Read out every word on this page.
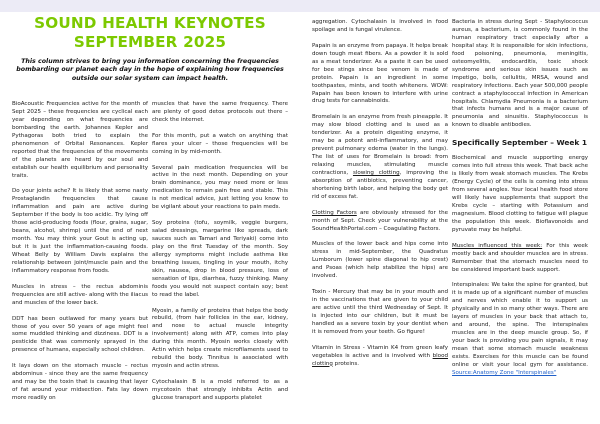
SOUND HEALTH KEYNOTES
SEPTEMBER 2025
This column strives to bring you information concerning the frequencies bombarding our planet each day in the hope of explaining how frequencies outside our solar system can impact health.

BioAcoustic Frequencies active for the month of Sept 2025 – these frequencies are cyclical each year depending on what frequencies are bombarding the earth. Johannes Kepler and Pythagoras both tried to explain the phenomenon of Orbital Resonances. Kepler reported that the frequencies of the movements of the planets are heard by our soul and establish our health equilibrium and personality traits.

Do your joints ache? It is likely that some nasty Prostaglandin frequencies that cause inflammation and pain are active during September if the body is too acidic. Try lying off those acid-producing foods (flour, grains, sugar, beans, alcohol, shrimp) until the end of next month. You may think your Gout is acting up, but it is just the inflammation-causing foods. Wheat Belly by William Davis explains the relationship between joint/muscle pain and the inflammatory response from foods.

Muscles in stress – the rectus abdominis frequencies are still active- along with the iliacus and muscles of the lower back.

DDT has been outlawed for many years but those of you over 50 years of age might feel some muddled thinking and dizziness. DDT is a pesticide that was commonly sprayed in the presence of humans, especially school children.

It lays down on the stomach muscle – rectus abdominus - since they are the same frequency and may be the toxin that is causing that layer of fat around your midsection. Fats lay down more readily on

muscles that have the same frequency. There are plenty of good detox protocols out there – check the internet.

For this month, put a watch on anything that flares your ulcer – those frequencies will be coming in by mid-month.

Several pain medication frequencies will be active in the next month. Depending on your brain dominance, you may need more or less medication to remain pain free and stable. This is not medical advice, just letting you know to be vigilant about your reactions to pain meds.

Soy proteins (tofu, soymilk, veggie burgers, salad dressings, margarine like spreads, dark sauces such as Tamari and Teriyaki) come into play on the first Tuesday of the month. Soy allergy symptoms might include asthma like breathing issues, tingling in your mouth, itchy skin, nausea, drop in blood pressure, loss of sensation of lips, diarrhea, fuzzy thinking. Many foods you would not suspect contain soy; best to read the label.

Myosin, a family of proteins that helps the body rebuild, (from hair follicles in the ear, kidney, and nose to actual muscle integrity involvement) along with ATP, comes into play during this month. Myosin works closely with Actin which helps create microfilaments used to rebuild the body. Tinnitus is associated with myosin and actin stress.

Cytochalasin B is a mold referred to as a mycotoxin that strongly inhibits Actin and glucose transport and supports platelet

aggregation. Cytochalasin is involved in food spoilage and is fungal virulence.

Papain is an enzyme from papaya. It helps break down tough meat fibers. As a powder it is sold as a meat tenderizer. As a paste it can be used for bee stings since bee venom is made of protein. Papain is an ingredient in some toothpastes, mints, and tooth whiteners. WOW: Papain has been known to interfere with urine drug tests for cannabinoids.

Bromelain is an enzyme from fresh pineapple. It may slow blood clotting and is used as a tenderizer. As a protein digesting enzyme, it may be a potent anti-inflammatory, and may prevent pulmonary edema (water in the lungs). The list of uses for Bromelain is broad: from relaxing muscles, stimulating muscle contractions, slowing clotting, improving the absorption of antibiotics, preventing cancer, shortening birth labor, and helping the body get rid of excess fat.

Clotting Factors are obviously stressed for the month of Sept. Check your vulnerability at the SoundHealthPortal.com – Coagulating Factors.

Muscles of the lower back and hips come into stress in mid-September, the Quadratus Lumborum (lower spine diagonal to hip crest) and Psoas (which help stabilize the hips) are involved.

Toxin - Mercury that may be in your mouth and in the vaccinations that are given to your child are active until the third Wednesday of Sept. It is injected into our children, but it must be handled as a severe toxin by your dentist when it is removed from your teeth. Go figure!

Vitamin in Stress - Vitamin K4 from green leafy vegetables is active and is involved with blood clotting proteins.

Bacteria in stress during Sept - Staphylococcus aureus, a bacterium, is commonly found in the human respiratory tract especially after a hospital stay. It is responsible for skin infections, food poisoning, pneumonia, meningitis, osteomyelitis, endocarditis, toxic shock syndrome and serious skin issues such as impetigo, boils, cellulitis, MRSA, wound and respiratory infections. Each year 500,000 people contract a staphylococcal infection in American hospitals. Chlamydia Pneumonia is a bacterium that infects humans and is a major cause of pneumonia and sinusitis. Staphylococcus is known to disable antibodies.

Specifically September – Week 1

Biochemical and muscle supporting energy comes into full stress this week. That back ache is likely from weak stomach muscles. The Krebs (Energy Cycle) of the cells is coming into stress from several angles. Your local health food store will likely have supplements that support the Krebs cycle – starting with Potassium and magnesium. Blood clotting to fatigue will plague the population this week. Bioflavonoids and pyruvate may be helpful.

Muscles influenced this week: For this week mostly back and shoulder muscles are in stress. Remember that the stomach muscles need to be considered important back support.

Interspinales: We take the spine for granted, but it is made up of a significant number of muscles and nerves which enable it to support us physically and in so many other ways. There are layers of muscles in your back that attach to, and around, the spine. The interspinales muscles are in the deep muscle group. So, if your back is providing you pain signals, it may mean that some stomach muscle weakness exists. Exercises for this muscle can be found online or visit your local gym for assistance. Source:Anatomy Zone "Interspinales"
